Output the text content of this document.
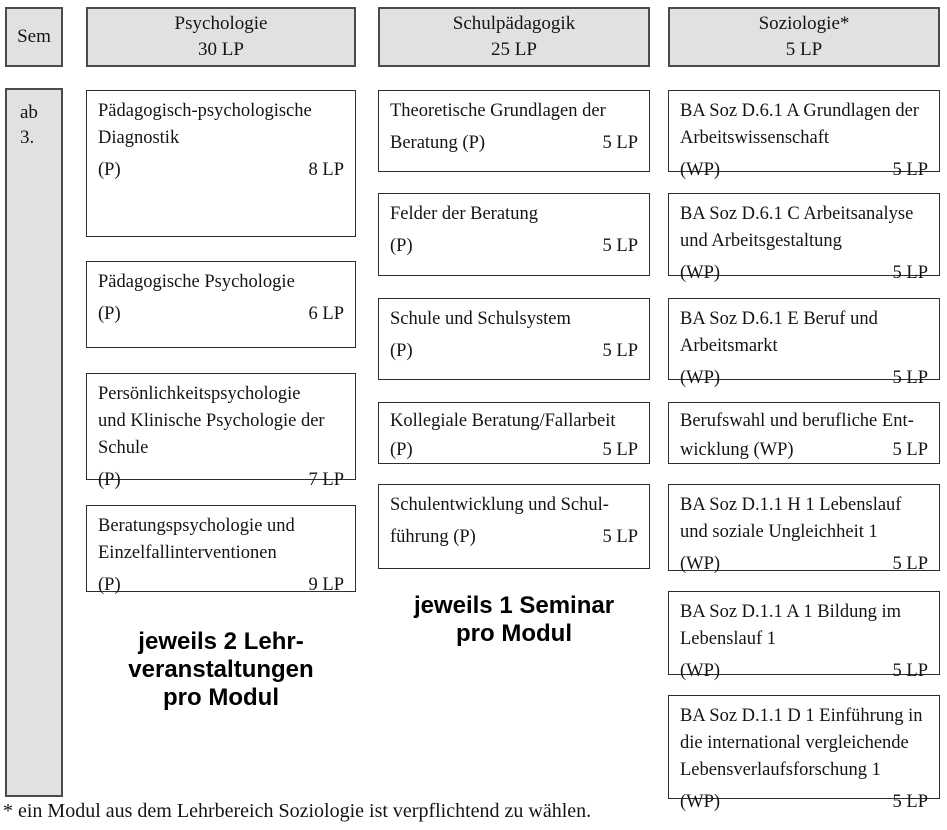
Sem
Psychologie
30 LP
Schulpädagogik
25 LP
Soziologie*
5 LP
ab
3.
Pädagogisch-psychologische
Diagnostik
(P)	8 LP
Pädagogische Psychologie
(P)	6 LP
Persönlichkeitspsychologie
und Klinische Psychologie der
Schule
(P)	7 LP
Beratungspsychologie und
Einzelfallinterventionen
(P)	9 LP
Theoretische Grundlagen der
Beratung (P)	5 LP
Felder der Beratung
(P)	5 LP
Schule und Schulsystem
(P)	5 LP
Kollegiale Beratung/Fallarbeit
(P)	5 LP
Schulentwicklung und Schul-
führung (P)	5 LP
BA Soz D.6.1 A Grundlagen der
Arbeitswissenschaft
(WP)	5 LP
BA Soz D.6.1 C Arbeitsanalyse
und Arbeitsgestaltung
(WP)	5 LP
BA Soz D.6.1 E Beruf und
Arbeitsmarkt
(WP)	5 LP
Berufswahl und berufliche Ent-
wicklung (WP)	5 LP
BA Soz D.1.1 H 1 Lebenslauf
und soziale Ungleichheit 1
(WP)	5 LP
BA Soz D.1.1 A 1 Bildung im
Lebenslauf 1
(WP)	5 LP
BA Soz D.1.1 D 1 Einführung in
die international vergleichende
Lebensverlaufsforschung 1
(WP)	5 LP
jeweils 2 Lehr-
veranstaltungen
pro Modul
jeweils 1 Seminar
pro Modul
* ein Modul aus dem Lehrbereich Soziologie ist verpflichtend zu wählen.
